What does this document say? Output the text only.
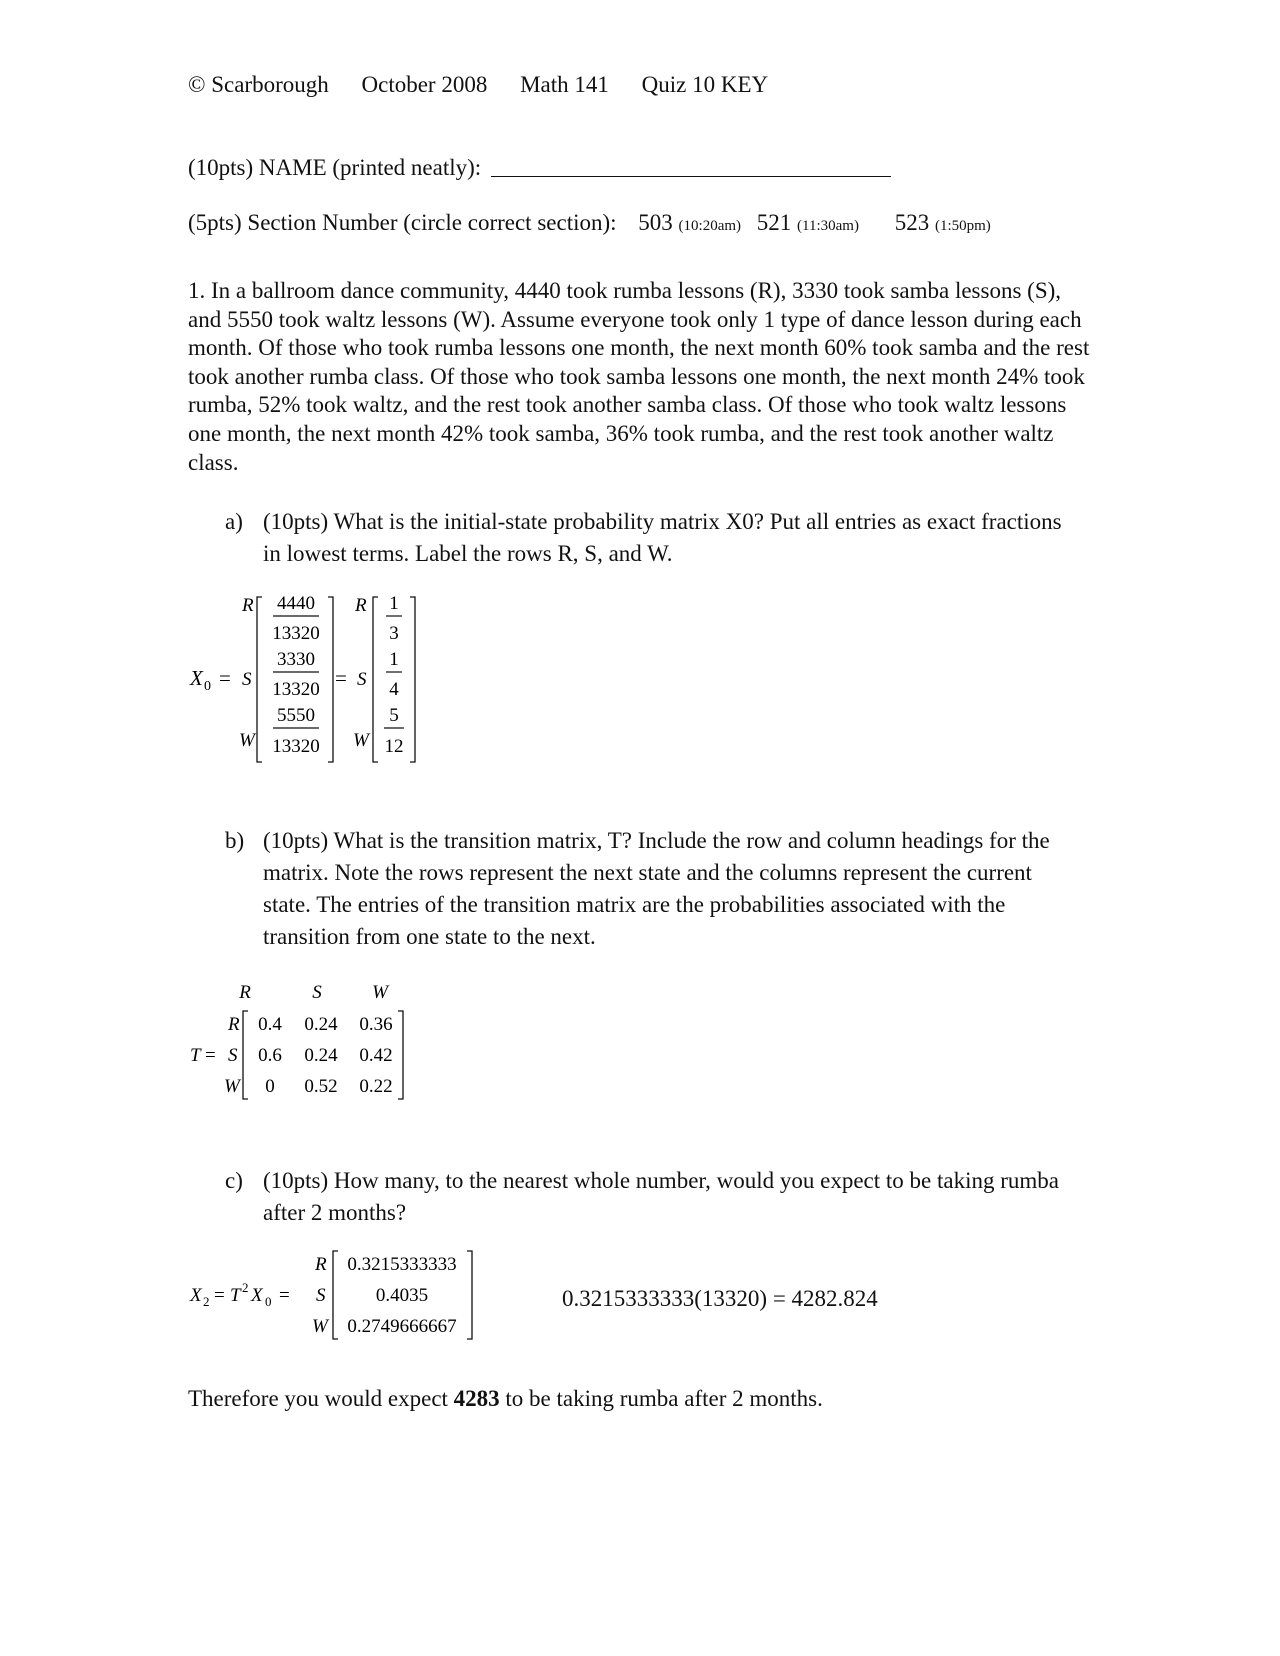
© Scarborough October 2008 Math 141 Quiz 10 KEY
(10pts) NAME (printed neatly):
(5pts) Section Number (circle correct section): 503 (10:20am) 521 (11:30am) 523 (1:50pm)
1. In a ballroom dance community, 4440 took rumba lessons (R), 3330 took samba lessons (S), and 5550 took waltz lessons (W). Assume everyone took only 1 type of dance lesson during each month. Of those who took rumba lessons one month, the next month 60% took samba and the rest took another rumba class. Of those who took samba lessons one month, the next month 24% took rumba, 52% took waltz, and the rest took another samba class. Of those who took waltz lessons one month, the next month 42% took samba, 36% took rumba, and the rest took another waltz class.
a) (10pts) What is the initial-state probability matrix X0? Put all entries as exact fractions in lowest terms. Label the rows R, S, and W.
X 0 =
R
S
W
4440
13320
3330
13320
5550
13320
=
R
S
W
1
3
1
4
5
12
b) (10pts) What is the transition matrix, T? Include the row and column headings for the matrix. Note the rows represent the next state and the columns represent the current state. The entries of the transition matrix are the probabilities associated with the transition from one state to the next.
R	S	W
T =
R
S
W
0.4 0.24 0.36
0.6 0.24 0.42
0 0.52 0.22
c) (10pts) How many, to the nearest whole number, would you expect to be taking rumba after 2 months?
X 2 = T 2 X 0 =
R
S
W
0.3215333333
0.4035
0.2749666667
0.3215333333(13320) = 4282.824
Therefore you would expect 4283 to be taking rumba after 2 months.
